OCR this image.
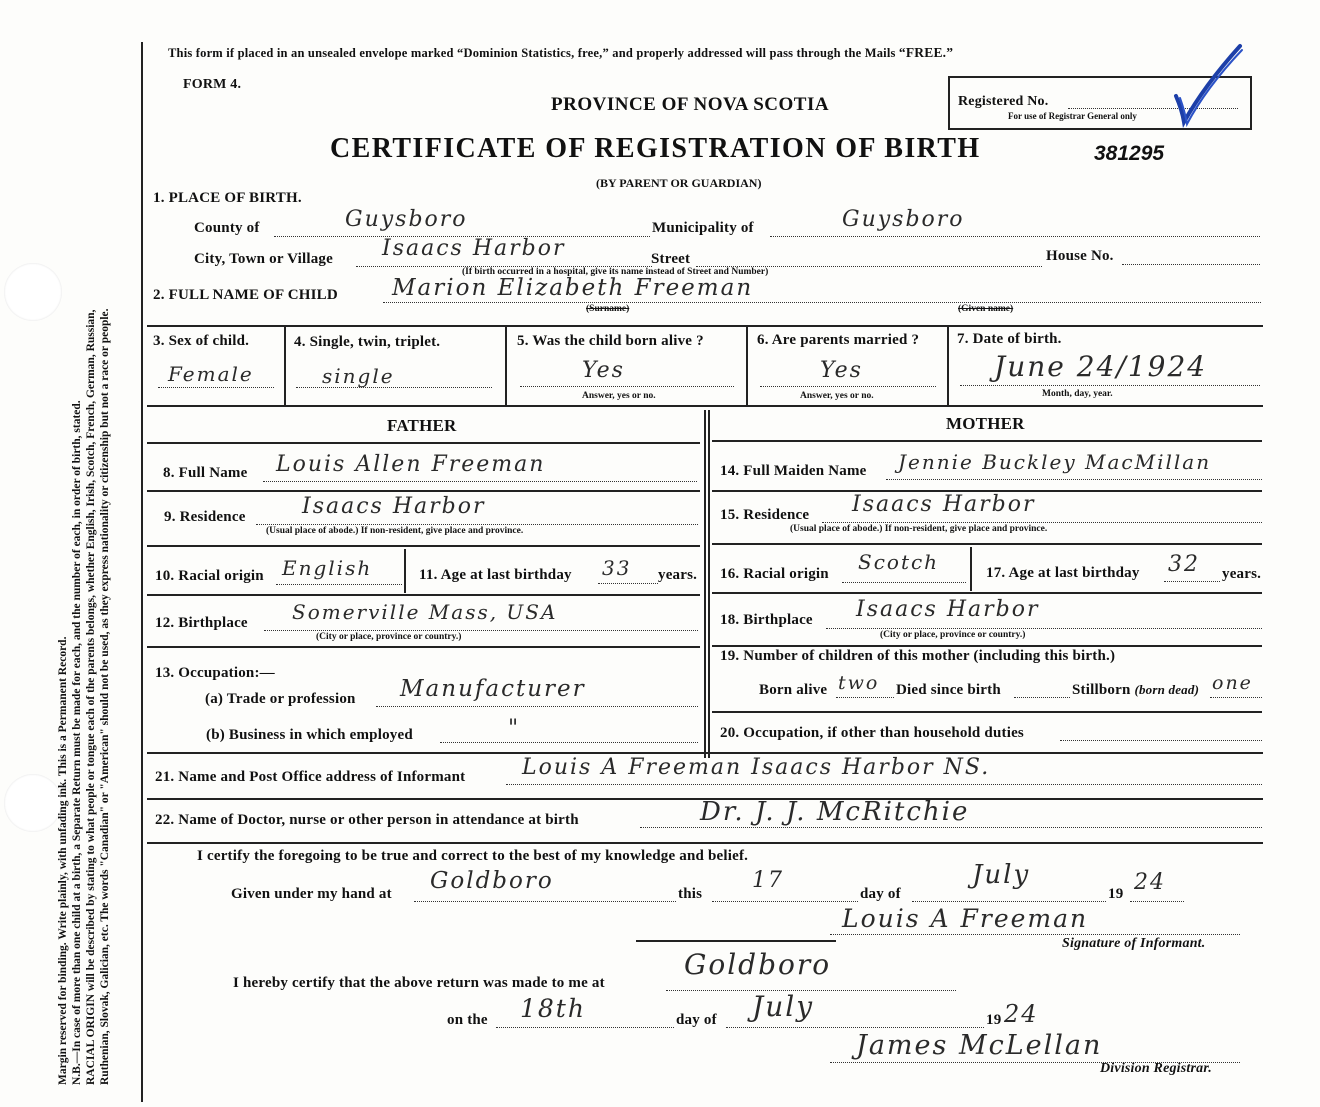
Margin reserved for binding. Write plainly, with unfading ink. This is a Permanent Record. N.B.—In case of more than one child at a birth, a Separate Return must be made for each, and the number of each, in order of birth, stated. RACIAL ORIGIN will be described by stating to what people or tongue each of the parents belongs, whether English, Irish, Scotch, French, German, Russian, Ruthenian, Slovak, Galician, etc. The words "Canadian" or "American" should not be used, as they express nationality or citizenship but not a race or people.
This form if placed in an unsealed envelope marked “Dominion Statistics, free,” and properly addressed will pass through the Mails “FREE.”
FORM 4.
PROVINCE OF NOVA SCOTIA
CERTIFICATE OF REGISTRATION OF BIRTH
(BY PARENT OR GUARDIAN)
Registered No.
For use of Registrar General only
381295
1. PLACE OF BIRTH.
County of	Guysboro	Municipality of	Guysboro
City, Town or Village Isaacs Harbor	Street	House No.
(If birth occurred in a hospital, give its name instead of Street and Number)
2. FULL NAME OF CHILD Marion Elizabeth Freeman
(Surname)	(Given name)
3. Sex of child.
Female
4. Single, twin, triplet.
single
5. Was the child born alive ?
Yes
Answer, yes or no.
6. Are parents married ?
Yes
Answer, yes or no.
7. Date of birth.
June 24/1924
Month, day, year.
FATHER	MOTHER
8. Full Name Louis Allen Freeman
9. Residence	Isaacs Harbor
(Usual place of abode.) If non-resident, give place and province.
10. Racial origin English	11. Age at last birthday 33 years.
12. Birthplace Somerville Mass, USA
(City or place, province or country.)
13. Occupation:—
(a) Trade or profession Manufacturer
(b) Business in which employed	"
14. Full Maiden Name Jennie Buckley MacMillan
15. Residence Isaacs Harbor
(Usual place of abode.) If non-resident, give place and province.
16. Racial origin Scotch	17. Age at last birthday 32 years.
18. Birthplace Isaacs Harbor
(City or place, province or country.)
19. Number of children of this mother (including this birth.)
Born alive two Died since birth	Stillborn (born dead) one
20. Occupation, if other than household duties
21. Name and Post Office address of Informant	Louis A Freeman Isaacs Harbor NS.
22. Name of Doctor, nurse or other person in attendance at birth	Dr. J. J. McRitchie
I certify the foregoing to be true and correct to the best of my knowledge and belief.
Given under my hand at Goldboro	this
17
day of
July
19 24
Louis A Freeman
Signature of Informant.
I hereby certify that the above return was made to me at
Goldboro
on the 18th	day of July	19 24
James McLellan
Division Registrar.
